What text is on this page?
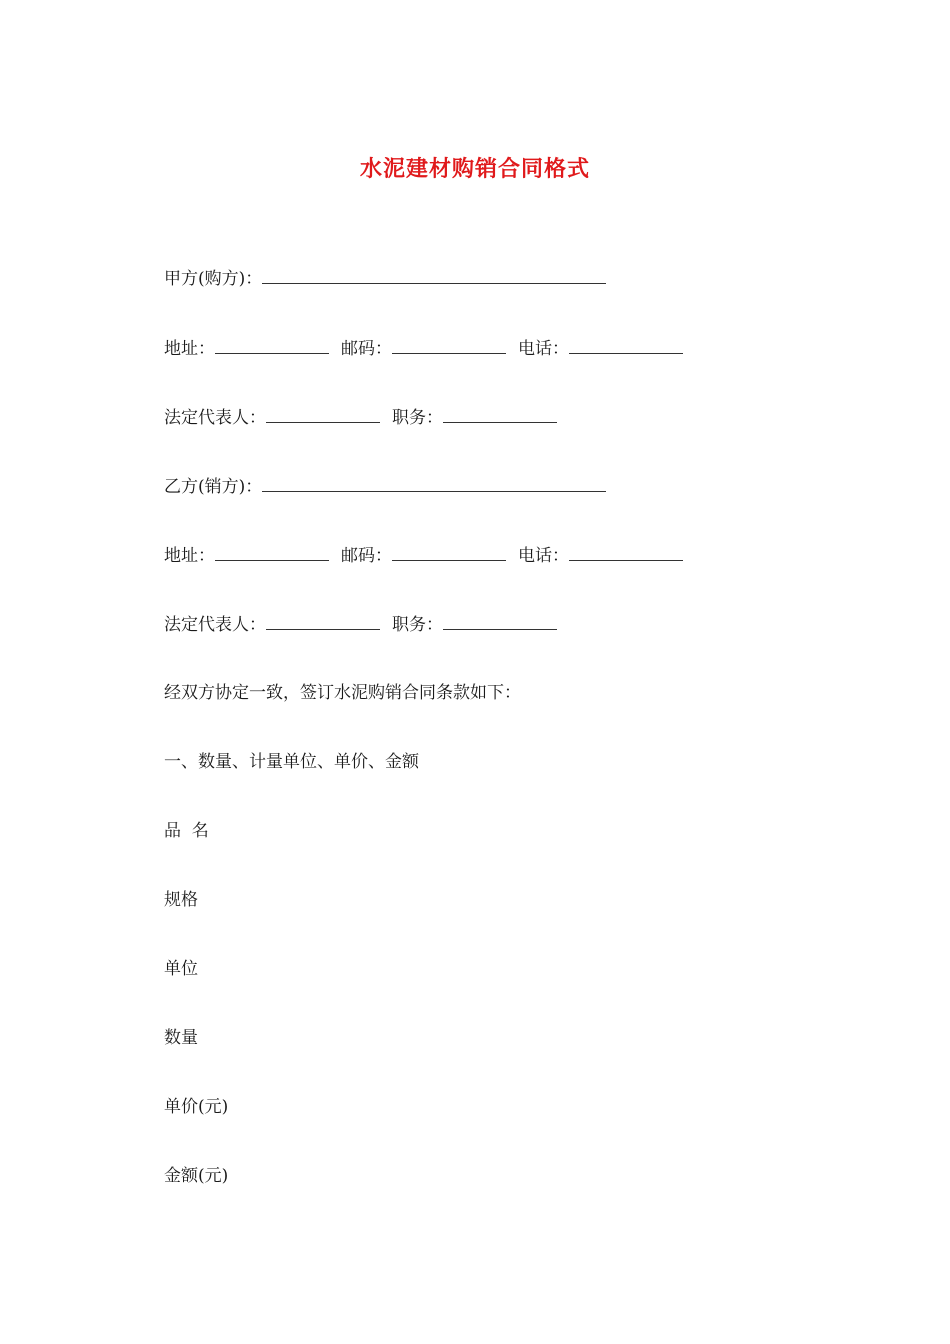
水泥建材购销合同格式
甲方(购方)：
地址：	邮码：	电话：
法定代表人：	职务：
乙方(销方)：
地址：	邮码：	电话：
法定代表人：	职务：
经双方协定一致，签订水泥购销合同条款如下：
一、数量、计量单位、单价、金额
品  名
规格
单位
数量
单价(元)
金额(元)
